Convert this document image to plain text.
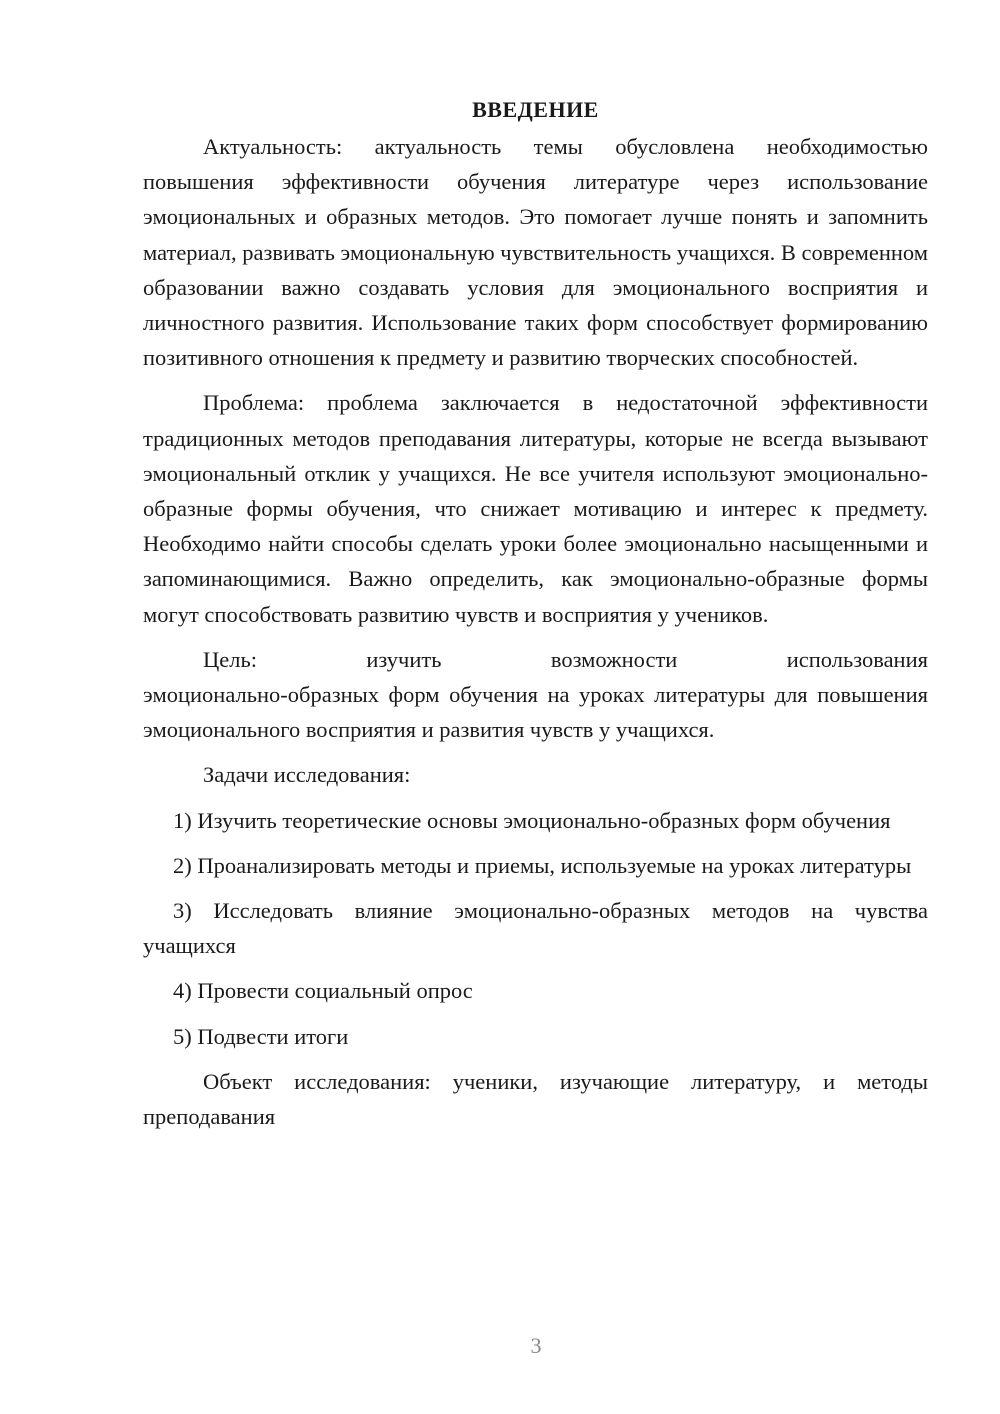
ВВЕДЕНИЕ

Актуальность: актуальность темы обусловлена необходимостью повышения эффективности обучения литературе через использование эмоциональных и образных методов. Это помогает лучше понять и запомнить материал, развивать эмоциональную чувствительность учащихся. В современном образовании важно создавать условия для эмоционального восприятия и личностного развития. Использование таких форм способствует формированию позитивного отношения к предмету и развитию творческих способностей.

Проблема: проблема заключается в недостаточной эффективности традиционных методов преподавания литературы, которые не всегда вызывают эмоциональный отклик у учащихся. Не все учителя используют эмоционально-образные формы обучения, что снижает мотивацию и интерес к предмету. Необходимо найти способы сделать уроки более эмоционально насыщенными и запоминающимися. Важно определить, как эмоционально-образные формы могут способствовать развитию чувств и восприятия у учеников.

Цель:	изучить	возможности	использования

эмоционально-образных форм обучения на уроках литературы для повышения эмоционального восприятия и развития чувств у учащихся.

Задачи исследования:

1) Изучить теоретические основы эмоционально-образных форм обучения

2) Проанализировать методы и приемы, используемые на уроках литературы

3) Исследовать влияние эмоционально-образных методов на чувства учащихся

4) Провести социальный опрос

5) Подвести итоги

Объект исследования: ученики, изучающие литературу, и методы преподавания

3
